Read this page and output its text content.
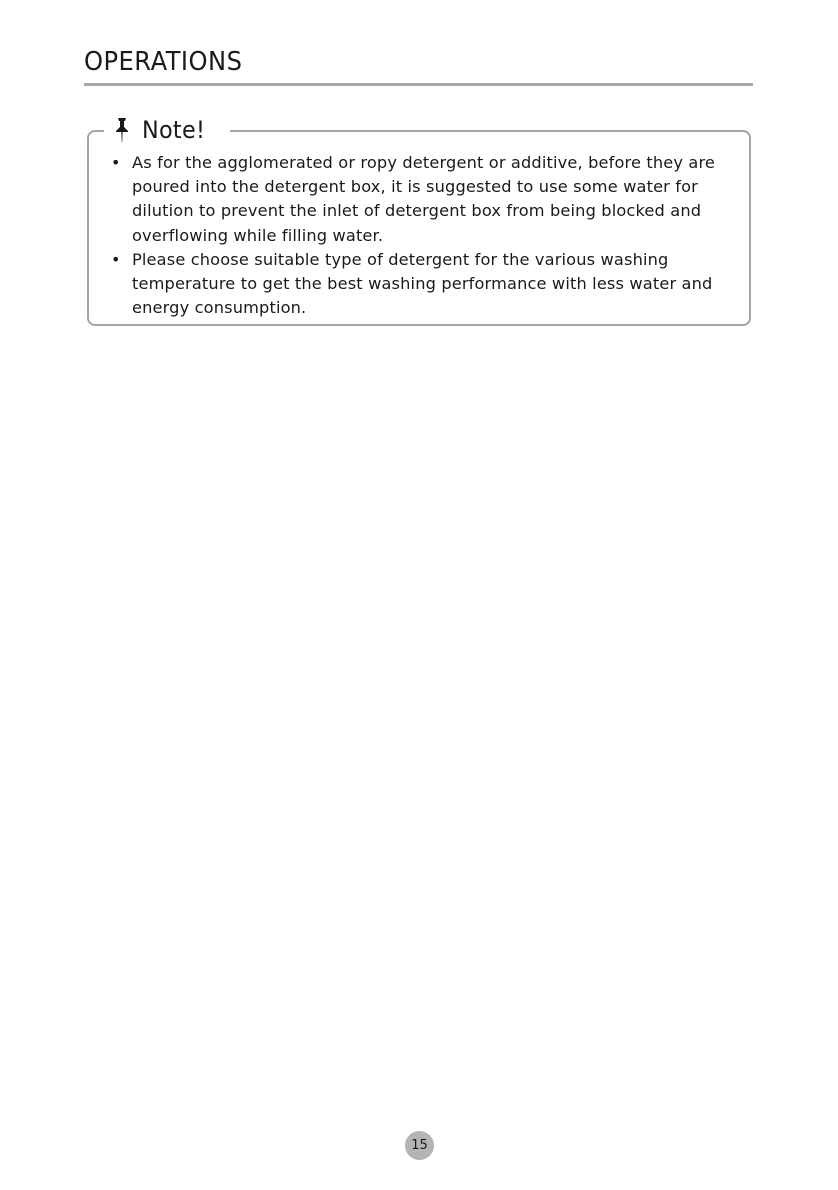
OPERATIONS
Note!
• As for the agglomerated or ropy detergent or additive, before they are poured into the detergent box, it is suggested to use some water for dilution to prevent the inlet of detergent box from being blocked and overflowing while filling water.
• Please choose suitable type of detergent for the various washing temperature to get the best washing performance with less water and energy consumption.
15
